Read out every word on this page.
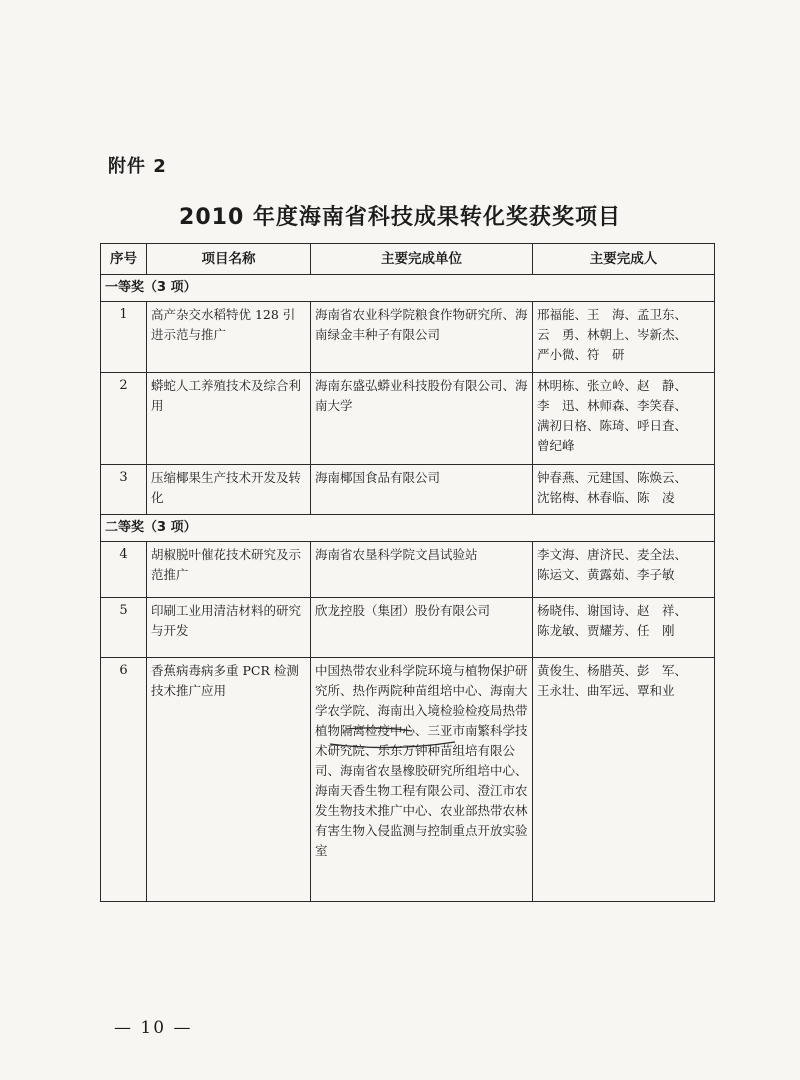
附件 2
2010 年度海南省科技成果转化奖获奖项目
序号	项目名称	主要完成单位	主要完成人
一等奖（3 项）			
1	高产杂交水稻特优 128 引进示范与推广	海南省农业科学院粮食作物研究所、海南绿金丰种子有限公司	邢福能、王　海、孟卫东、
云　勇、林朝上、岑新杰、
严小微、符　研

2	蟒蛇人工养殖技术及综合利用	海南东盛弘蟒业科技股份有限公司、海南大学	林明栋、张立岭、赵　静、
李　迅、林师森、李笑春、
满初日格、陈琦、呼日査、
曾纪峰

3	压缩椰果生产技术开发及转化	海南椰国食品有限公司	钟春燕、元建国、陈焕云、
沈铭梅、林春临、陈　凌

二等奖（3 项）			
4	胡椒脱叶催花技术研究及示范推广	海南省农垦科学院文昌试验站	李文海、唐济民、麦全法、
陈运文、黄露茹、李子敏

5	印刷工业用清洁材料的研究与开发	欣龙控股（集团）股份有限公司	杨晓伟、谢国诗、赵　祥、
陈龙敏、贾耀芳、任　刚

6	香蕉病毒病多重 PCR 检测技术推广应用	中国热带农业科学院环境与植物保护研究所、热作两院种苗组培中心、海南大学农学院、海南出入境检验检疫局热带植物隔离检疫中心、三亚市南繁科学技术研究院、乐东万钟种苗组培有限公司、海南省农垦橡胶研究所组培中心、海南天香生物工程有限公司、澄江市农发生物技术推广中心、农业部热带农林有害生物入侵监测与控制重点开放实验室	黄俊生、杨腊英、彭　军、
王永壮、曲军远、覃和业
— 10 —
